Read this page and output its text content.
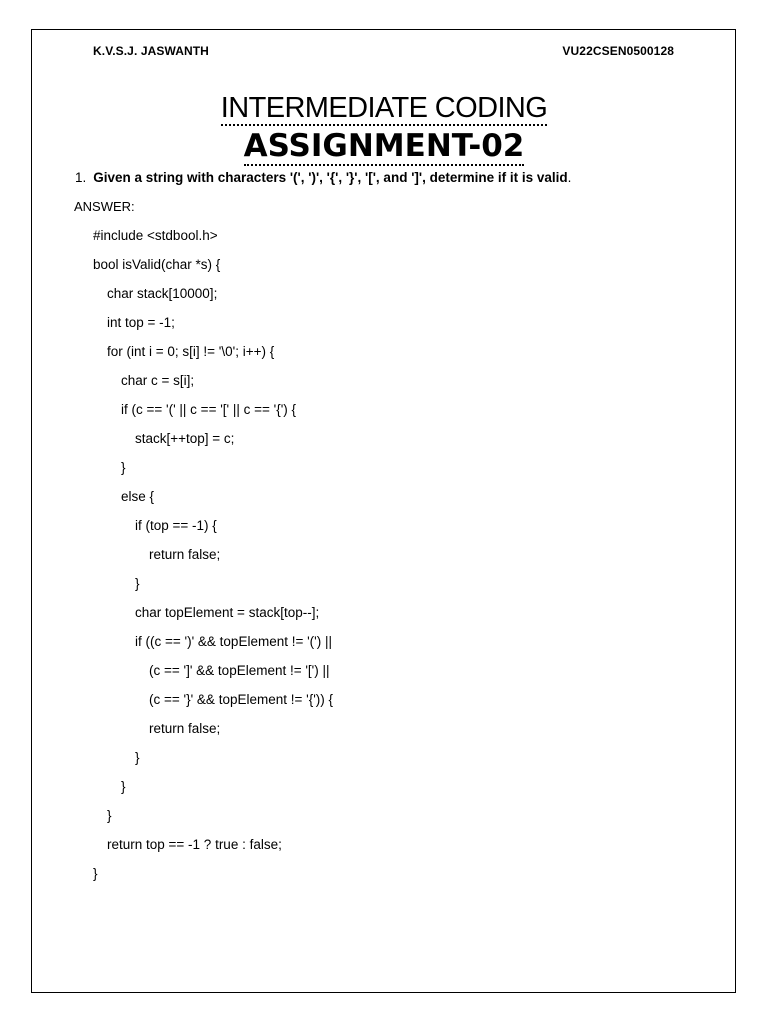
K.V.S.J. JASWANTH	VU22CSEN0500128
INTERMEDIATE CODING
ASSIGNMENT-02
1. Given a string with characters '(', ')', '{', '}', '[', and ']', determine if it is valid.
ANSWER:
#include <stdbool.h>
bool isValid(char *s) {
char stack[10000];
int top = -1;
for (int i = 0; s[i] != '\0'; i++) {
char c = s[i];
if (c == '(' || c == '[' || c == '{') {
stack[++top] = c;
}
else {
if (top == -1) {
return false;
}
char topElement = stack[top--];
if ((c == ')' && topElement != '(') ||
(c == ']' && topElement != '[') ||
(c == '}' && topElement != '{')) {
return false;
}
}
}
return top == -1 ? true : false;
}
